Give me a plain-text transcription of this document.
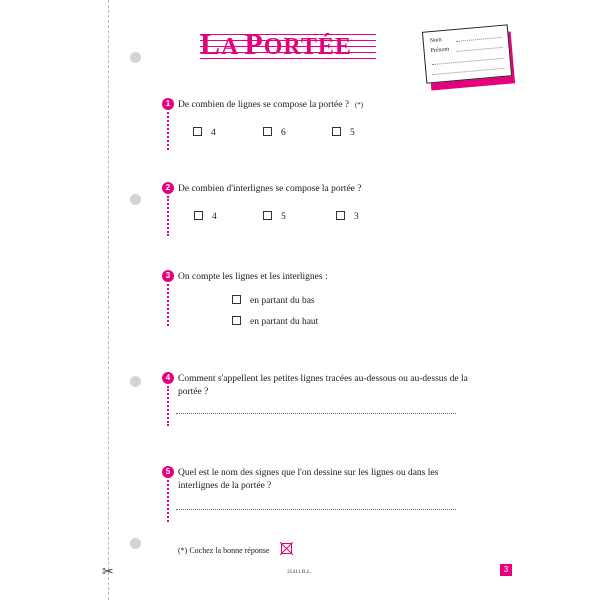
✂
LA PORTÉE	Nom
Prénom
1 De combien de lignes se compose la portée ? (*)
4	6	5
2 De combien d'interlignes se compose la portée ?
4	5	3
3 On compte les lignes et les interlignes :
en partant du bas
en partant du haut
4 Comment s'appellent les petites lignes tracées au-dessous ou au-dessus de la portée ?
5 Quel est le nom des signes que l'on dessine sur les lignes ou dans les interlignes de la portée ?
(*) Cochez la bonne réponse
25411 B.L.	3
